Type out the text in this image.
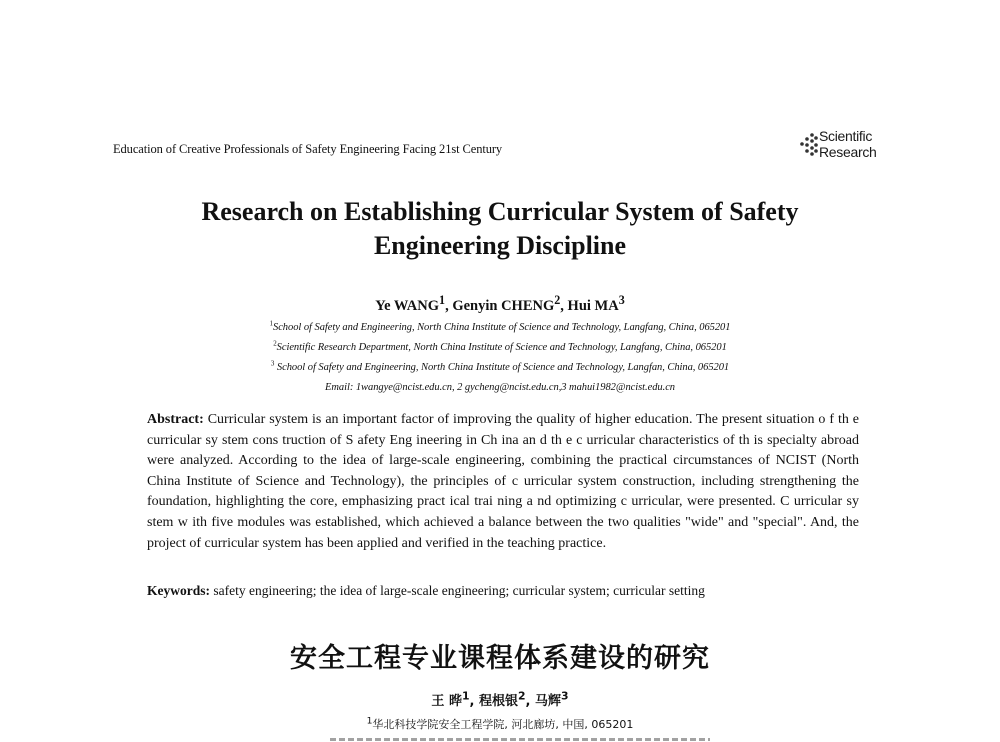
Education of Creative Professionals of Safety Engineering Facing 21st Century
Scientific
Research
Research on Establishing Curricular System of Safety
Engineering Discipline
Ye WANG$^1$, Genyin CHENG$^2$, Hui $MA^3$
$^1$School of Safety and Engineering, North China Institute of Science and Technology, Langfang, China, 065201
$^2$Scientific Research Department, North China Institute of Science and Technology, Langfang, China, 065201
$^3$ School of Safety and Engineering, North China Institute of Science and Technology, Langfan, China, 065201
Email: 1wangye@ncist.edu.cn, 2 gycheng@ncist.edu.cn,3 mahui1982@ncist.edu.cn
Abstract: Curricular system is an important factor of improving the quality of higher education. The present situation o f th e curricular sy stem cons truction of S afety Eng ineering in Ch ina an d th e c urricular characteristics of th is specialty abroad were analyzed. According to the idea of large-scale engineering, combining the practical circumstances of NCIST (North China Institute of Science and Technology), the principles of c urricular system construction, including strengthening the foundation, highlighting the core, emphasizing pract ical trai ning a nd optimizing c urricular, were presented. C urricular sy stem w ith five modules was established, which achieved a balance between the two qualities "wide" and "special". And, the project of curricular system has been applied and verified in the teaching practice.
Keywords: safety engineering; the idea of large-scale engineering; curricular system; curricular setting
安全工程专业课程体系建设的研究
王 晔$^1$, 程根银$^2$, 马辉$^3$
$^1$华北科技学院安全工程学院, 河北廊坊, 中国, 065201
